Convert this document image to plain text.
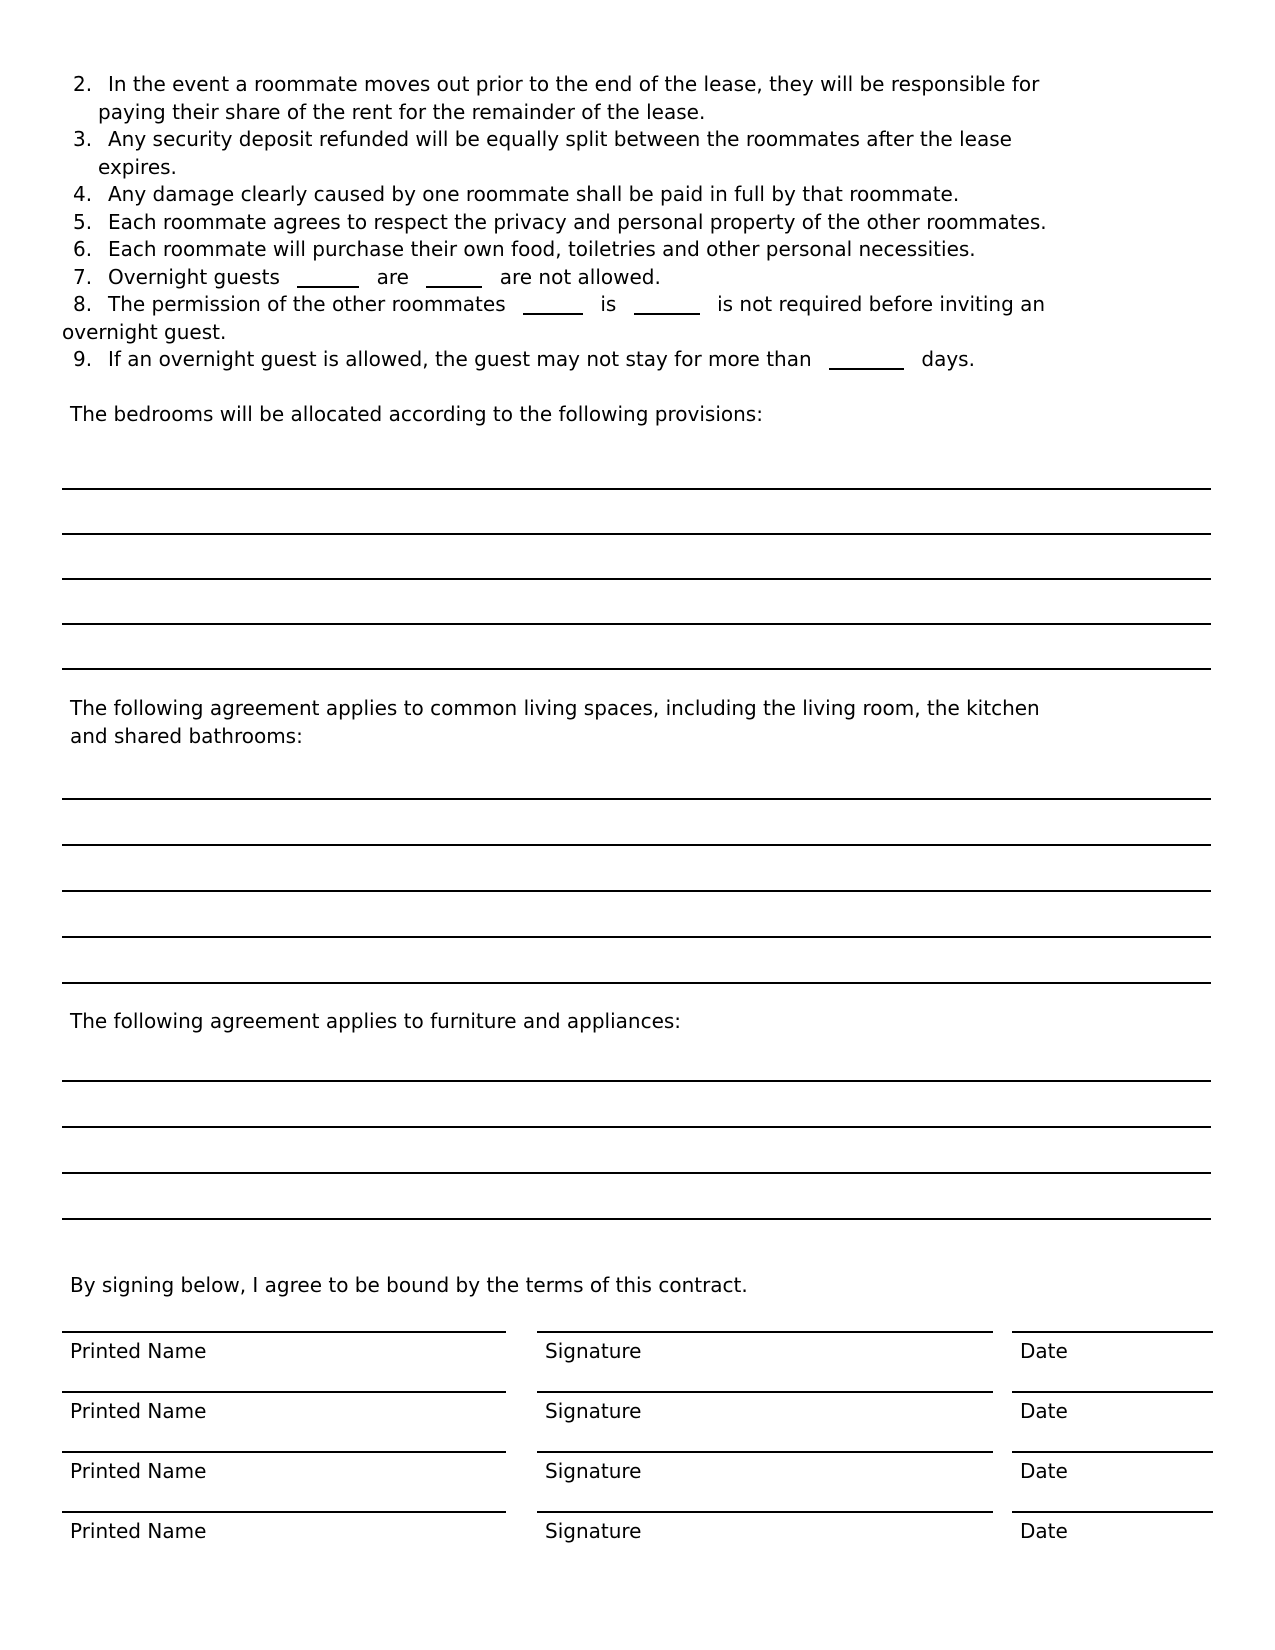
2. In the event a roommate moves out prior to the end of the lease, they will be responsible for
paying their share of the rent for the remainder of the lease.
3. Any security deposit refunded will be equally split between the roommates after the lease
expires.
4. Any damage clearly caused by one roommate shall be paid in full by that roommate.
5. Each roommate agrees to respect the privacy and personal property of the other roommates.
6. Each roommate will purchase their own food, toiletries and other personal necessities.
7. Overnight guests	are	are not allowed.
8. The permission of the other roommates	is	is not required before inviting an
overnight guest.
9. If an overnight guest is allowed, the guest may not stay for more than	days.
The bedrooms will be allocated according to the following provisions:
The following agreement applies to common living spaces, including the living room, the kitchen
and shared bathrooms:
The following agreement applies to furniture and appliances:
By signing below, I agree to be bound by the terms of this contract.
Printed Name	Signature	Date
Printed Name	Signature	Date
Printed Name	Signature	Date
Printed Name	Signature	Date
